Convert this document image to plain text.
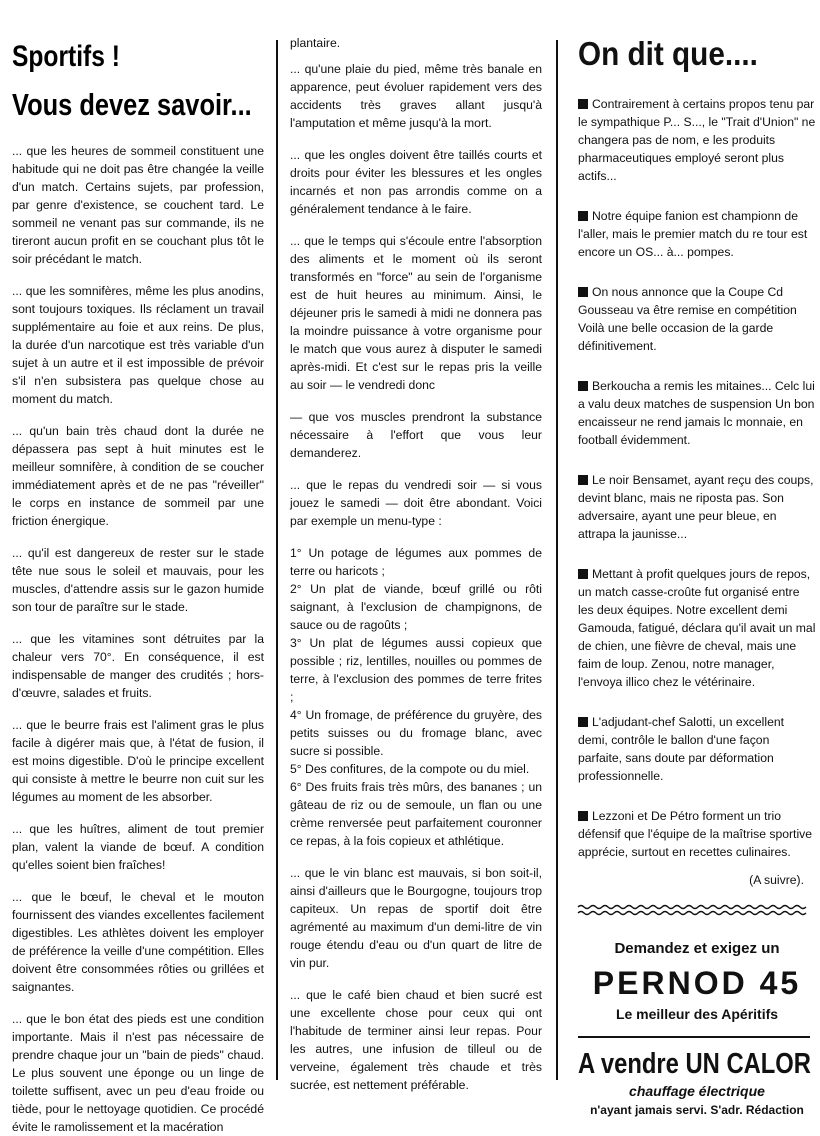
Sportifs !
Vous devez savoir...

... que les heures de sommeil constituent une habitude qui ne doit pas être changée la veille d'un match. Certains sujets, par profession, par genre d'existence, se couchent tard. Le sommeil ne venant pas sur commande, ils ne tireront aucun profit en se couchant plus tôt le soir précédant le match.

... que les somnifères, même les plus anodins, sont toujours toxiques. Ils réclament un travail supplémentaire au foie et aux reins. De plus, la durée d'un narcotique est très variable d'un sujet à un autre et il est impossible de prévoir s'il n'en subsistera pas quelque chose au moment du match.

... qu'un bain très chaud dont la durée ne dépassera pas sept à huit minutes est le meilleur somnifère, à condition de se coucher immédiatement après et de ne pas "réveiller" le corps en instance de sommeil par une friction énergique.

... qu'il est dangereux de rester sur le stade tête nue sous le soleil et mauvais, pour les muscles, d'attendre assis sur le gazon humide son tour de paraître sur le stade.

... que les vitamines sont détruites par la chaleur vers 70°. En conséquence, il est indispensable de manger des crudités ; hors-d'œuvre, salades et fruits.

... que le beurre frais est l'aliment gras le plus facile à digérer mais que, à l'état de fusion, il est moins digestible. D'où le principe excellent qui consiste à mettre le beurre non cuit sur les légumes au moment de les absorber.

... que les huîtres, aliment de tout premier plan, valent la viande de bœuf. A condition qu'elles soient bien fraîches!

... que le bœuf, le cheval et le mouton fournissent des viandes excellentes facilement digestibles. Les athlètes doivent les employer de préférence la veille d'une compétition. Elles doivent être consommées rôties ou grillées et saignantes.

... que le bon état des pieds est une condition importante. Mais il n'est pas nécessaire de prendre chaque jour un "bain de pieds" chaud. Le plus souvent une éponge ou un linge de toilette suffisent, avec un peu d'eau froide ou tiède, pour le nettoyage quotidien. Ce procédé évite le ramolissement et la macération

plantaire.

... qu'une plaie du pied, même très banale en apparence, peut évoluer rapidement vers des accidents très graves allant jusqu'à l'amputation et même jusqu'à la mort.

... que les ongles doivent être taillés courts et droits pour éviter les blessures et les ongles incarnés et non pas arrondis comme on a généralement tendance à le faire.

... que le temps qui s'écoule entre l'absorption des aliments et le moment où ils seront transformés en "force" au sein de l'organisme est de huit heures au minimum. Ainsi, le déjeuner pris le samedi à midi ne donnera pas la moindre puissance à votre organisme pour le match que vous aurez à disputer le samedi après-midi. Et c'est sur le repas pris la veille au soir — le vendredi donc

— que vos muscles prendront la substance nécessaire à l'effort que vous leur demanderez.

... que le repas du vendredi soir — si vous jouez le samedi — doit être abondant. Voici par exemple un menu-type :

1° Un potage de légumes aux pommes de terre ou haricots ;

2° Un plat de viande, bœuf grillé ou rôti saignant, à l'exclusion de champignons, de sauce ou de ragoûts ;

3° Un plat de légumes aussi copieux que possible ; riz, lentilles, nouilles ou pommes de terre, à l'exclusion des pommes de terre frites ;

4° Un fromage, de préférence du gruyère, des petits suisses ou du fromage blanc, avec sucre si possible.

5° Des confitures, de la compote ou du miel.

6° Des fruits frais très mûrs, des bananes ; un gâteau de riz ou de semoule, un flan ou une crème renversée peut parfaitement couronner ce repas, à la fois copieux et athlétique.

... que le vin blanc est mauvais, si bon soit-il, ainsi d'ailleurs que le Bourgogne, toujours trop capiteux. Un repas de sportif doit être agrémenté au maximum d'un demi-litre de vin rouge étendu d'eau ou d'un quart de litre de vin pur.

... que le café bien chaud et bien sucré est une excellente chose pour ceux qui ont l'habitude de terminer ainsi leur repas. Pour les autres, une infusion de tilleul ou de verveine, également très chaude et très sucrée, est nettement préférable.

On dit que....

Contrairement à certains propos tenu par le sympathique P... S..., le "Trait d'Union" ne changera pas de nom, e les produits pharmaceutiques employé seront plus actifs...

Notre équipe fanion est championn de l'aller, mais le premier match du re tour est encore un OS... à... pompes.

On nous annonce que la Coupe Cd Gousseau va être remise en compétition Voilà une belle occasion de la garde définitivement.

Berkoucha a remis les mitaines... Celc lui a valu deux matches de suspension Un bon encaisseur ne rend jamais lc monnaie, en football évidemment.

Le noir Bensamet, ayant reçu des coups, devint blanc, mais ne riposta pas. Son adversaire, ayant une peur bleue, en attrapa la jaunisse...

Mettant à profit quelques jours de repos, un match casse-croûte fut organisé entre les deux équipes. Notre excellent demi Gamouda, fatigué, déclara qu'il avait un mal de chien, une fièvre de cheval, mais une faim de loup. Zenou, notre manager, l'envoya illico chez le vétérinaire.

L'adjudant-chef Salotti, un excellent demi, contrôle le ballon d'une façon parfaite, sans doute par déformation professionnelle.

Lezzoni et De Pétro forment un trio défensif que l'équipe de la maîtrise sportive apprécie, surtout en recettes culinaires.

(A suivre).

Demandez et exigez un

PERNOD 45

Le meilleur des Apéritifs

A vendre UN CALOR

chauffage électrique

n'ayant jamais servi. S'adr. Rédaction
